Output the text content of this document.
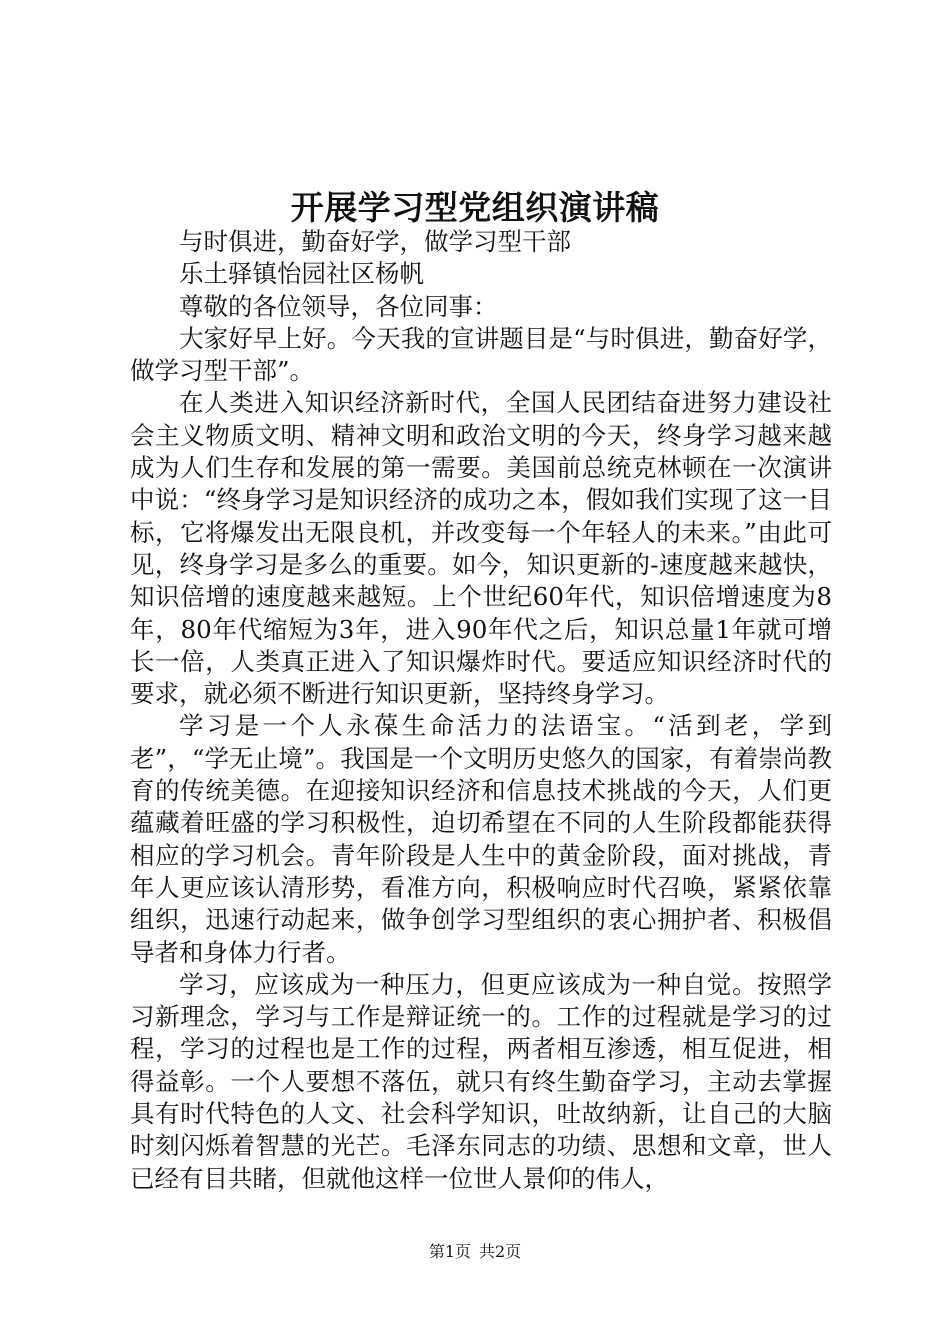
开展学习型党组织演讲稿

与时俱进，勤奋好学，做学习型干部

乐土驿镇怡园社区杨帆

尊敬的各位领导，各位同事：

大家好早上好。今天我的宣讲题目是“与时俱进，勤奋好学，做学习型干部”。

在人类进入知识经济新时代，全国人民团结奋进努力建设社会主义物质文明、精神文明和政治文明的今天，终身学习越来越成为人们生存和发展的第一需要。美国前总统克林顿在一次演讲中说：“终身学习是知识经济的成功之本，假如我们实现了这一目标，它将爆发出无限良机，并改变每一个年轻人的未来。”由此可见，终身学习是多么的重要。如今，知识更新的-速度越来越快，知识倍增的速度越来越短。上个世纪60年代，知识倍增速度为8年，80年代缩短为3年，进入90年代之后，知识总量1年就可增长一倍，人类真正进入了知识爆炸时代。要适应知识经济时代的要求，就必须不断进行知识更新，坚持终身学习。

学习是一个人永葆生命活力的法语宝。“活到老，学到老”，“学无止境”。我国是一个文明历史悠久的国家，有着崇尚教育的传统美德。在迎接知识经济和信息技术挑战的今天，人们更蕴藏着旺盛的学习积极性，迫切希望在不同的人生阶段都能获得相应的学习机会。青年阶段是人生中的黄金阶段，面对挑战，青年人更应该认清形势，看准方向，积极响应时代召唤，紧紧依靠组织，迅速行动起来，做争创学习型组织的衷心拥护者、积极倡导者和身体力行者。

学习，应该成为一种压力，但更应该成为一种自觉。按照学习新理念，学习与工作是辩证统一的。工作的过程就是学习的过程，学习的过程也是工作的过程，两者相互渗透，相互促进，相得益彰。一个人要想不落伍，就只有终生勤奋学习，主动去掌握具有时代特色的人文、社会科学知识，吐故纳新，让自己的大脑时刻闪烁着智慧的光芒。毛泽东同志的功绩、思想和文章，世人已经有目共睹，但就他这样一位世人景仰的伟人，

第1页 共2页
